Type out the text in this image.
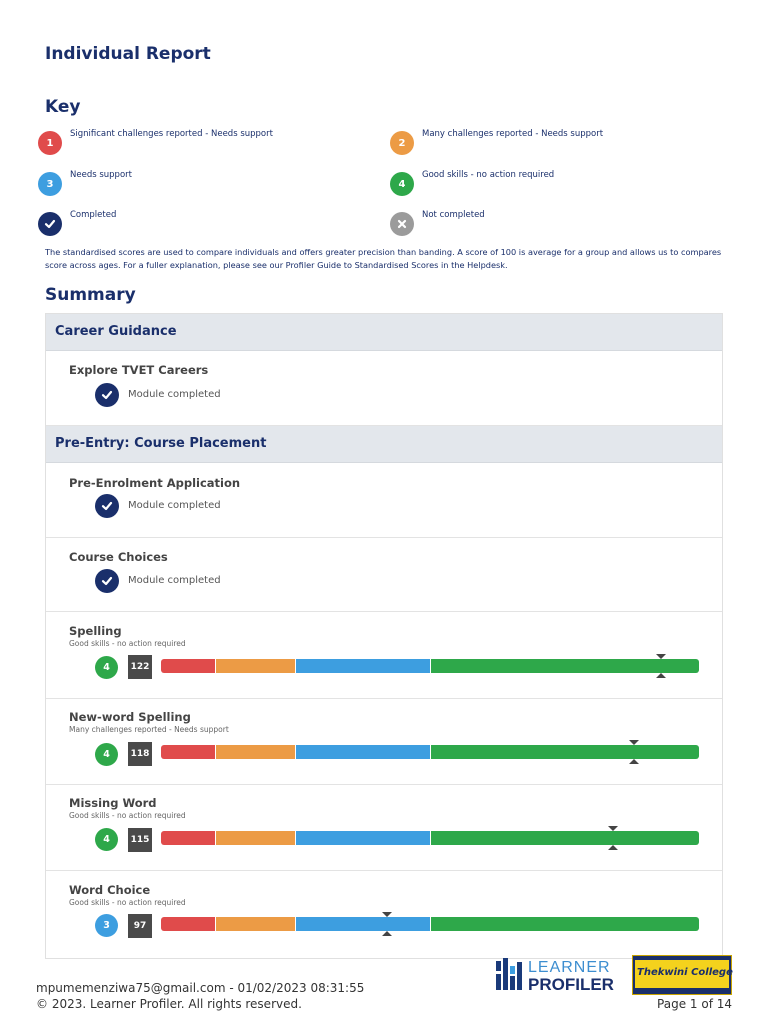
Individual Report
Key
1
Significant challenges reported - Needs support
2
Many challenges reported - Needs support
3
Needs support
4
Good skills - no action required
Completed	Not completed
The standardised scores are used to compare individuals and offers greater precision than banding. A score of 100 is average for a group and allows us to compares score across ages. For a fuller explanation, please see our Profiler Guide to Standardised Scores in the Helpdesk.
Summary
Career Guidance
Explore TVET Careers
Module completed
Pre-Entry: Course Placement
Pre-Enrolment Application
Module completed
Course Choices
Module completed
Spelling
Good skills - no action required
4	122
New-word Spelling
Many challenges reported - Needs support
4	118
Missing Word
Good skills - no action required
4	115
Word Choice
Good skills - no action required
3	97
mpumemenziwa75@gmail.com - 01/02/2023 08:31:55
© 2023. Learner Profiler. All rights reserved.	Page 1 of 14
LEARNER
PROFILER
Thekwini College
